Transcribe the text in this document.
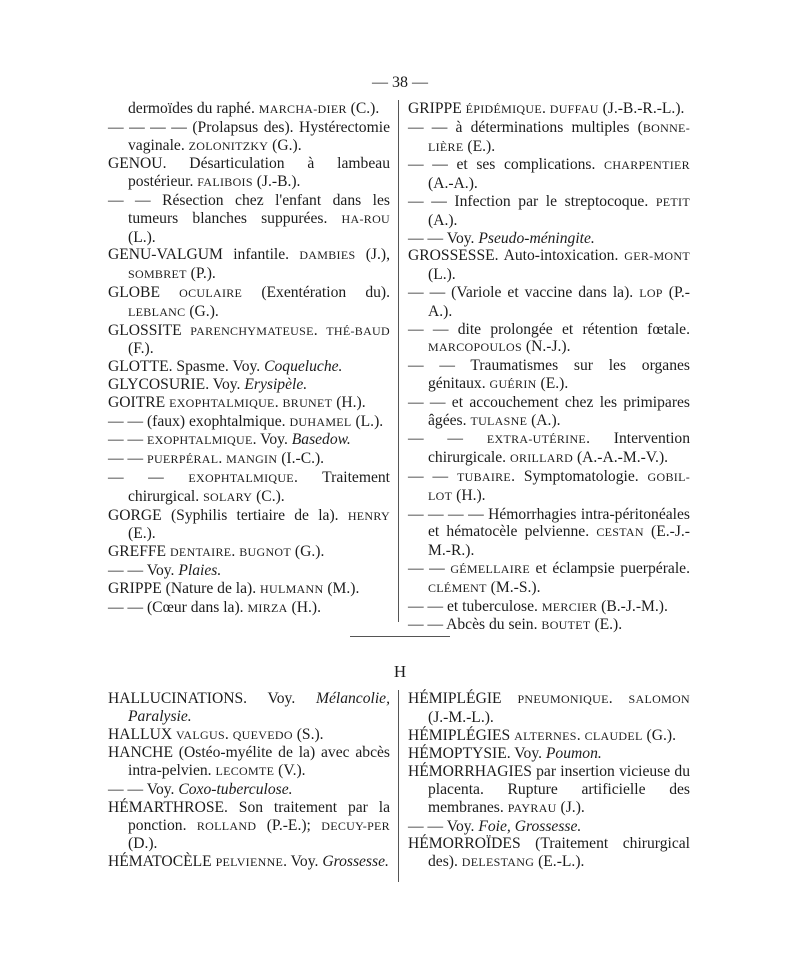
— 38 —
dermoïdes du raphé. MARCHA-DIER (C.).
— — — — (Prolapsus des). Hystérectomie vaginale. ZOLONITZKY (G.).
GENOU. Désarticulation à lambeau postérieur. FALIBOIS (J.-B.).
— — Résection chez l'enfant dans les tumeurs blanches suppurées. HA-ROU (L.).
GENU-VALGUM infantile. DAMBIES (J.), SOMBRET (P.).
GLOBE OCULAIRE (Exentération du). LEBLANC (G.).
GLOSSITE PARENCHYMATEUSE. THÉ-BAUD (F.).
GLOTTE. Spasme. Voy. Coqueluche.
GLYCOSURIE. Voy. Erysipèle.
GOITRE EXOPHTALMIQUE. BRUNET (H.).
— — (faux) exophtalmique. DUHAMEL (L.).
— — EXOPHTALMIQUE. Voy. Basedow.
— — PUERPÉRAL. MANGIN (I.-C.).
— — EXOPHTALMIQUE. Traitement chirurgical. SOLARY (C.).
GORGE (Syphilis tertiaire de la). HENRY (E.).
GREFFE DENTAIRE. BUGNOT (G.).
— — Voy. Plaies.
GRIPPE (Nature de la). HULMANN (M.).
— — (Cœur dans la). MIRZA (H.).
GRIPPE ÉPIDÉMIQUE. DUFFAU (J.-B.-R.-L.).
— — à déterminations multiples (BONNE-LIÈRE (E.).
— — et ses complications. CHARPENTIER (A.-A.).
— — Infection par le streptocoque. PETIT (A.).
— — Voy. Pseudo-méningite.
GROSSESSE. Auto-intoxication. GER-MONT (L.).
— — (Variole et vaccine dans la). LOP (P.-A.).
— — dite prolongée et rétention fœtale. MARCOPOULOS (N.-J.).
— — Traumatismes sur les organes génitaux. GUÉRIN (E.).
— — et accouchement chez les primipares âgées. TULASNE (A.).
— — EXTRA-UTÉRINE. Intervention chirurgicale. ORILLARD (A.-A.-M.-V.).
— — TUBAIRE. Symptomatologie. GOBIL-LOT (H.).
— — — — Hémorrhagies intra-péritonéales et hématocèle pelvienne. CESTAN (E.-J.-M.-R.).
— — GÉMELLAIRE et éclampsie puerpérale. CLÉMENT (M.-S.).
— — et tuberculose. MERCIER (B.-J.-M.).
— — Abcès du sein. BOUTET (E.).
H
HALLUCINATIONS. Voy. Mélancolie, Paralysie.
HALLUX VALGUS. QUEVEDO (S.).
HANCHE (Ostéo-myélite de la) avec abcès intra-pelvien. LECOMTE (V.).
— — Voy. Coxo-tuberculose.
HÉMARTHROSE. Son traitement par la ponction. ROLLAND (P.-E.); DECUY-PER (D.).
HÉMATOCÈLE PELVIENNE. Voy. Grossesse.
HÉMIPLÉGIE PNEUMONIQUE. SALOMON (J.-M.-L.).
HÉMIPLÉGIES ALTERNES. CLAUDEL (G.).
HÉMOPTYSIE. Voy. Poumon.
HÉMORRHAGIES par insertion vicieuse du placenta. Rupture artificielle des membranes. PAYRAU (J.).
— — Voy. Foie, Grossesse.
HÉMORROÏDES (Traitement chirurgical des). DELESTANG (E.-L.).
